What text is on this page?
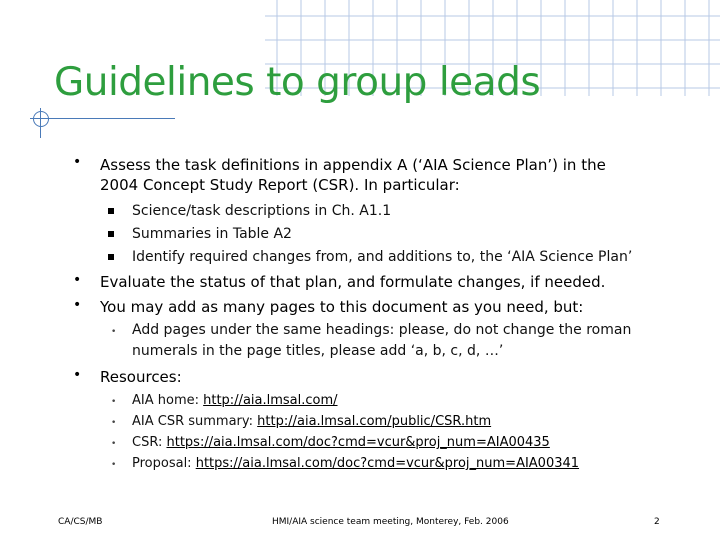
Guidelines to group leads
• Assess the task definitions in appendix A (‘AIA Science Plan’) in the 2004 Concept Study Report (CSR). In particular:
Science/task descriptions in Ch. A1.1
Summaries in Table A2
Identify required changes from, and additions to, the ‘AIA Science Plan’
• Evaluate the status of that plan, and formulate changes, if needed.
• You may add as many pages to this document as you need, but:
• Add pages under the same headings: please, do not change the roman numerals in the page titles, please add ‘a, b, c, d, …’
• Resources:
• AIA home: http://aia.lmsal.com/
• AIA CSR summary: http://aia.lmsal.com/public/CSR.htm
• CSR: https://aia.lmsal.com/doc?cmd=vcur&proj_num=AIA00435
• Proposal: https://aia.lmsal.com/doc?cmd=vcur&proj_num=AIA00341
CA/CS/MB	HMI/AIA science team meeting, Monterey, Feb. 2006	2
